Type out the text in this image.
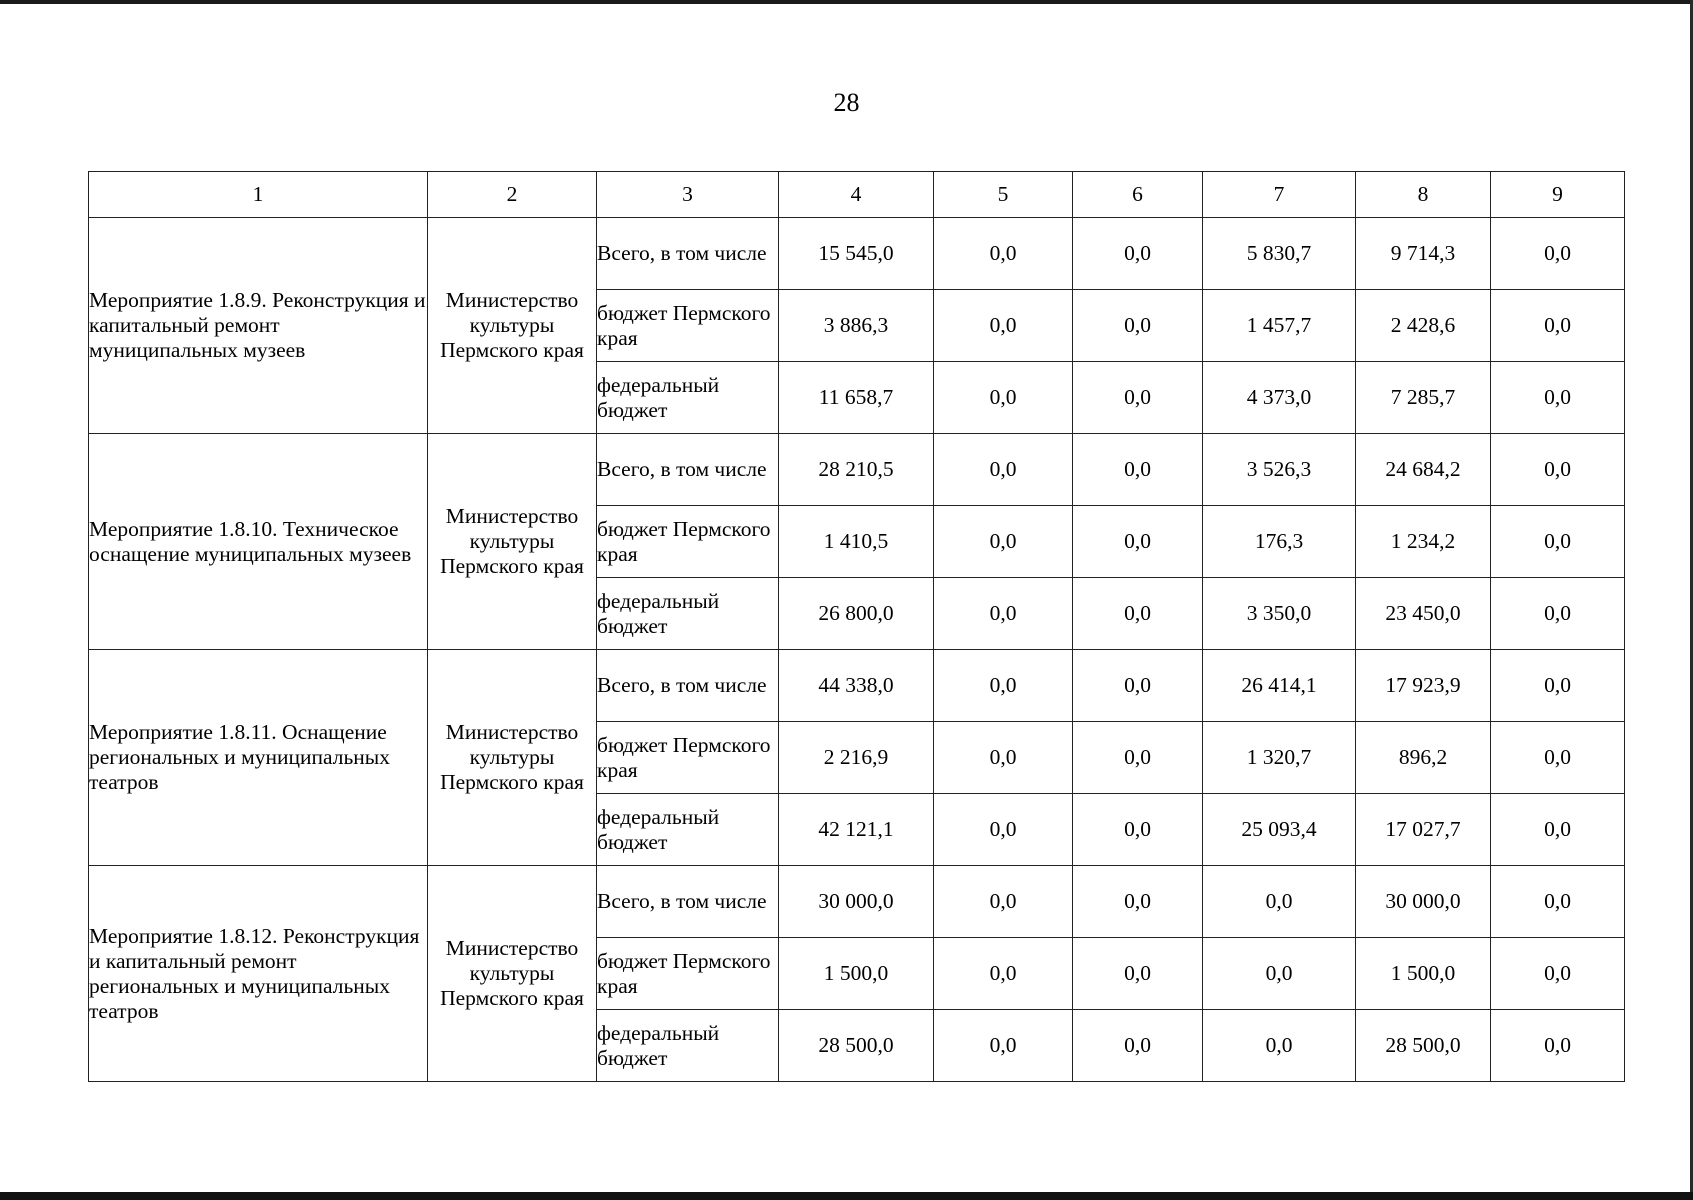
28
1	2	3	4	5	6	7	8	9
Мероприятие 1.8.9. Реконструкция и капитальный ремонт муниципальных музеев	Министерство культуры Пермского края	Всего, в том числе	15 545,0	0,0	0,0	5 830,7	9 714,3	0,0
		бюджет Пермского края	3 886,3	0,0	0,0	1 457,7	2 428,6	0,0
		федеральный бюджет	11 658,7	0,0	0,0	4 373,0	7 285,7	0,0
Мероприятие 1.8.10. Техническое оснащение муниципальных музеев	Министерство культуры Пермского края	Всего, в том числе	28 210,5	0,0	0,0	3 526,3	24 684,2	0,0
		бюджет Пермского края	1 410,5	0,0	0,0	176,3	1 234,2	0,0
		федеральный бюджет	26 800,0	0,0	0,0	3 350,0	23 450,0	0,0
Мероприятие 1.8.11. Оснащение региональных и муниципальных театров	Министерство культуры Пермского края	Всего, в том числе	44 338,0	0,0	0,0	26 414,1	17 923,9	0,0
		бюджет Пермского края	2 216,9	0,0	0,0	1 320,7	896,2	0,0
		федеральный бюджет	42 121,1	0,0	0,0	25 093,4	17 027,7	0,0
Мероприятие 1.8.12. Реконструкция и капитальный ремонт региональных и муниципальных театров	Министерство культуры Пермского края	Всего, в том числе	30 000,0	0,0	0,0	0,0	30 000,0	0,0
		бюджет Пермского края	1 500,0	0,0	0,0	0,0	1 500,0	0,0
		федеральный бюджет	28 500,0	0,0	0,0	0,0	28 500,0	0,0
